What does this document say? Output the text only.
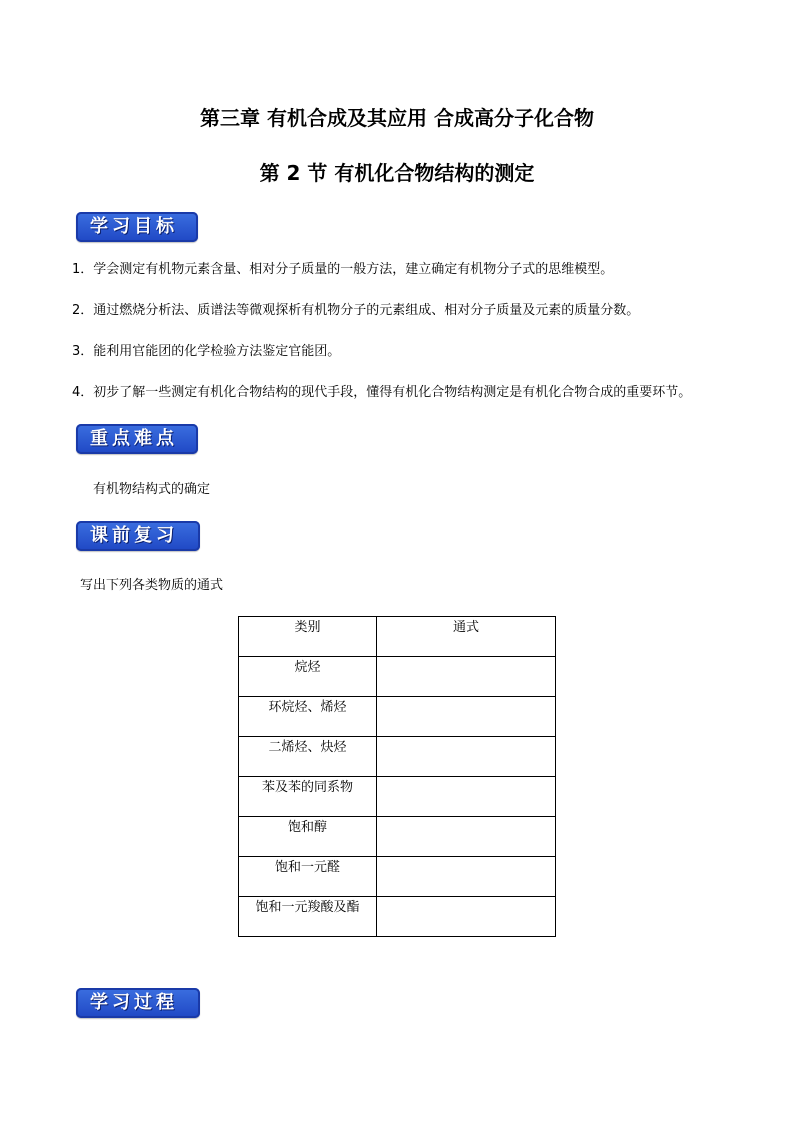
第三章 有机合成及其应用 合成高分子化合物
第 2 节 有机化合物结构的测定
学习目标
1．学会测定有机物元素含量、相对分子质量的一般方法，建立确定有机物分子式的思维模型。
2．通过燃烧分析法、质谱法等微观探析有机物分子的元素组成、相对分子质量及元素的质量分数。
3．能利用官能团的化学检验方法鉴定官能团。
4．初步了解一些测定有机化合物结构的现代手段，懂得有机化合物结构测定是有机化合物合成的重要环节。
重点难点
有机物结构式的确定
课前复习
写出下列各类物质的通式
类别	通式
烷烃	
环烷烃、烯烃	
二烯烃、炔烃	
苯及苯的同系物	
饱和醇	
饱和一元醛	
饱和一元羧酸及酯	
学习过程
